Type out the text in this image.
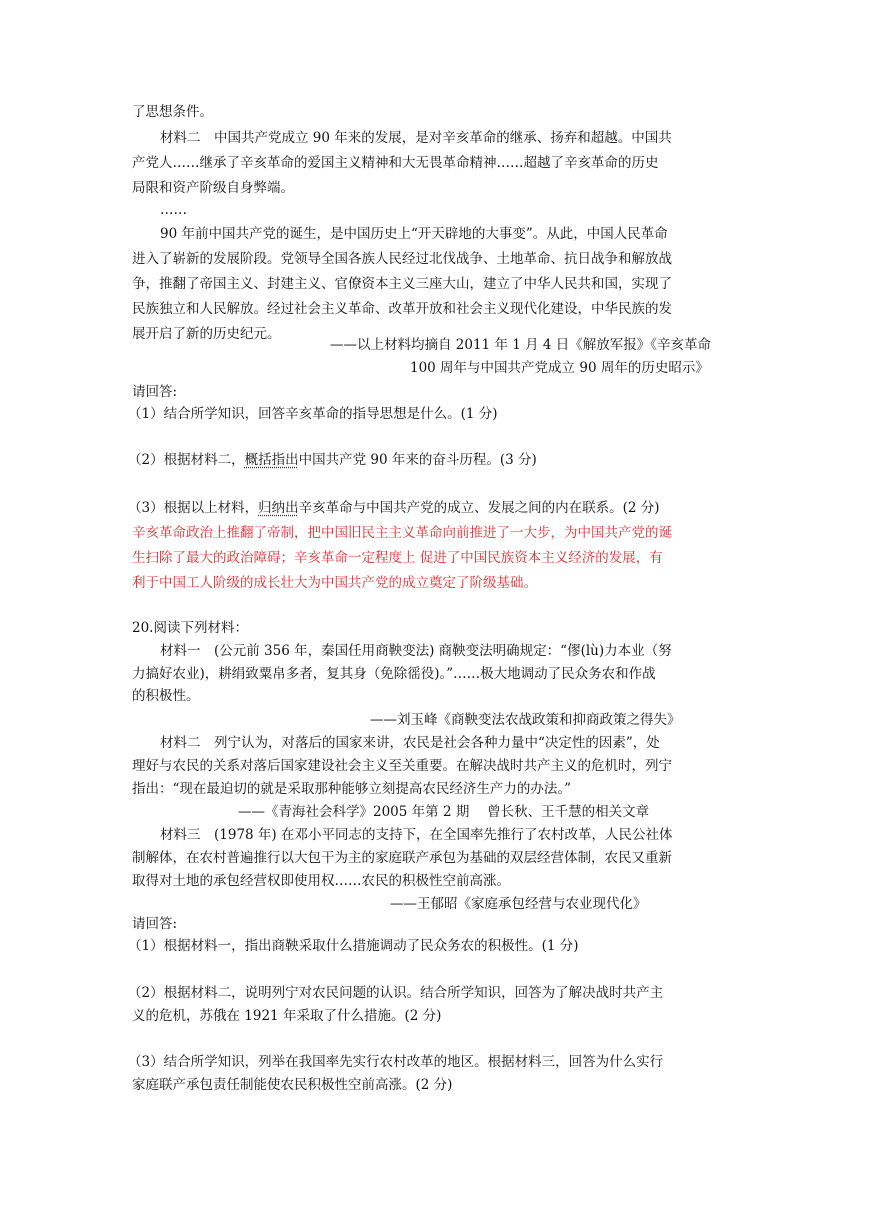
了思想条件。
材料二　中国共产党成立 90 年来的发展，是对辛亥革命的继承、扬弃和超越。中国共
产党人……继承了辛亥革命的爱国主义精神和大无畏革命精神……超越了辛亥革命的历史
局限和资产阶级自身弊端。
……
90 年前中国共产党的诞生，是中国历史上“开天辟地的大事变”。从此，中国人民革命
进入了崭新的发展阶段。党领导全国各族人民经过北伐战争、土地革命、抗日战争和解放战
争，推翻了帝国主义、封建主义、官僚资本主义三座大山，建立了中华人民共和国，实现了
民族独立和人民解放。经过社会主义革命、改革开放和社会主义现代化建设，中华民族的发
展开启了新的历史纪元。
——以上材料均摘自 2011 年 1 月 4 日《解放军报》《辛亥革命
100 周年与中国共产党成立 90 周年的历史昭示》
请回答:
（1）结合所学知识，回答辛亥革命的指导思想是什么。(1 分)
（2）根据材料二，概括指出中国共产党 90 年来的奋斗历程。(3 分)
（3）根据以上材料，归纳出辛亥革命与中国共产党的成立、发展之间的内在联系。(2 分)
辛亥革命政治上推翻了帝制，把中国旧民主主义革命向前推进了一大步，为中国共产党的诞
生扫除了最大的政治障碍；辛亥革命一定程度上 促进了中国民族资本主义经济的发展，有
利于中国工人阶级的成长壮大为中国共产党的成立奠定了阶级基础。
20.阅读下列材料：
材料一　(公元前 356 年，秦国任用商鞅变法) 商鞅变法明确规定：“僇(lù)力本业（努
力搞好农业)，耕绢致粟帛多者，复其身（免除徭役)。”……极大地调动了民众务农和作战
的积极性。
——刘玉峰《商鞅变法农战政策和抑商政策之得失》
材料二　列宁认为，对落后的国家来讲，农民是社会各种力量中“决定性的因素”，处
理好与农民的关系对落后国家建设社会主义至关重要。在解决战时共产主义的危机时，列宁
指出：“现在最迫切的就是采取那种能够立刻提高农民经济生产力的办法。”
——《青海社会科学》2005 年第 2 期　 曾长秋、王千慧的相关文章
材料三　(1978 年) 在邓小平同志的支持下，在全国率先推行了农村改革，人民公社体
制解体，在农村普遍推行以大包干为主的家庭联产承包为基础的双层经营体制，农民又重新
取得对土地的承包经营权即使用权……农民的积极性空前高涨。
——王郁昭《家庭承包经营与农业现代化》
请回答:
（1）根据材料一，指出商鞅采取什么措施调动了民众务农的积极性。(1 分)
（2）根据材料二，说明列宁对农民问题的认识。结合所学知识，回答为了解决战时共产主
义的危机，苏俄在 1921 年采取了什么措施。(2 分)
（3）结合所学知识，列举在我国率先实行农村改革的地区。根据材料三，回答为什么实行
家庭联产承包责任制能使农民积极性空前高涨。(2 分)
